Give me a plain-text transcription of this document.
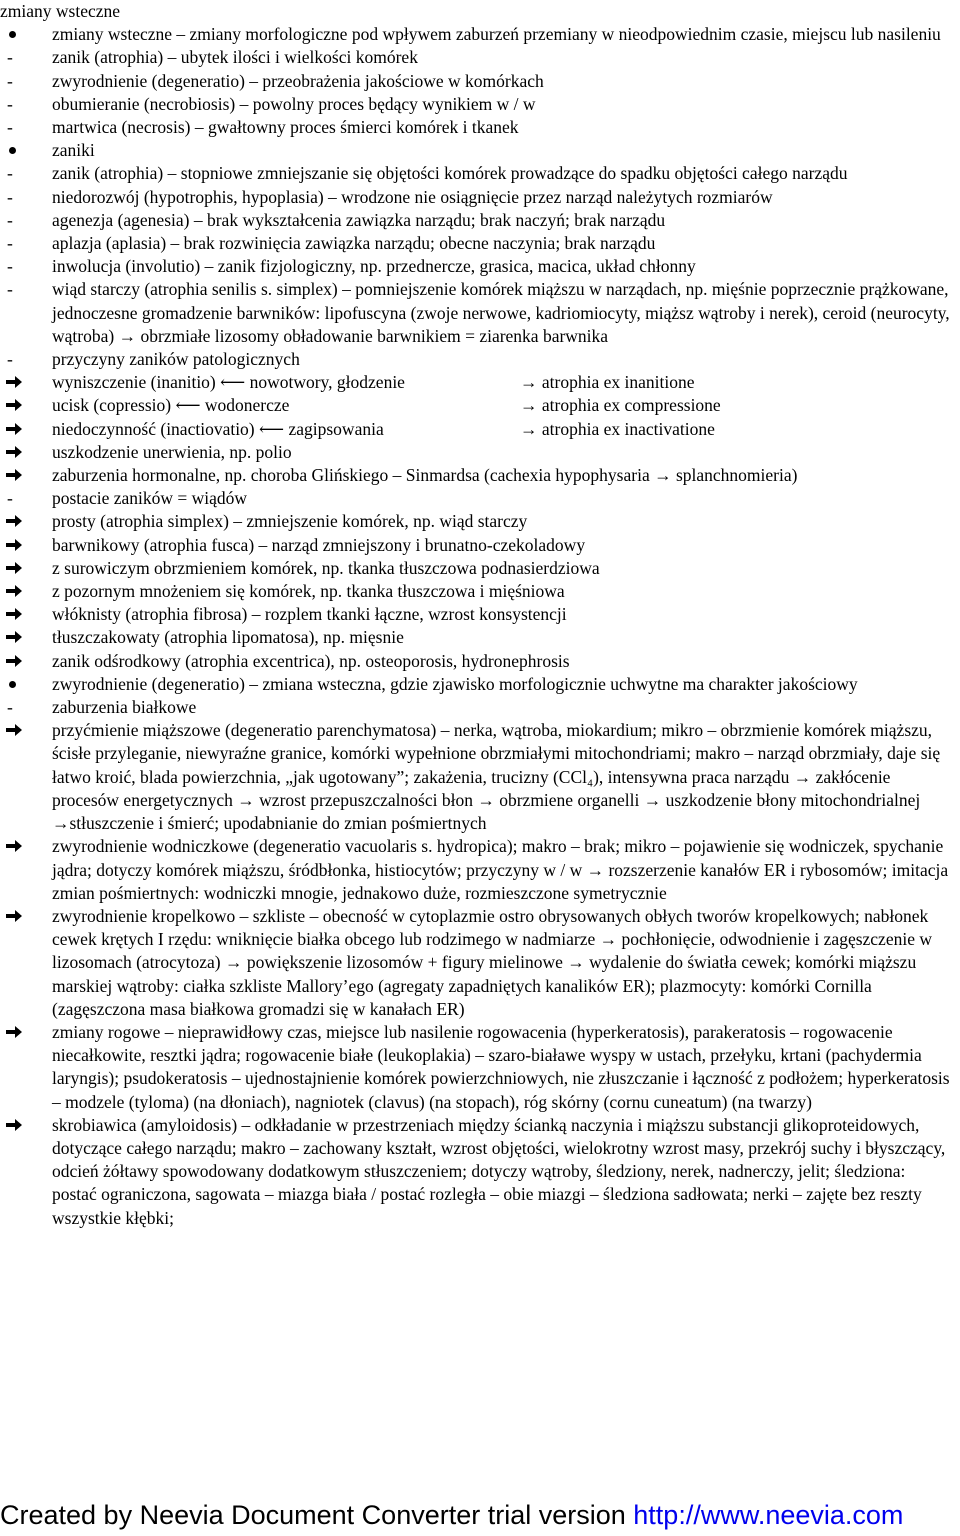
zmiany wsteczne
zmiany wsteczne – zmiany morfologiczne pod wpływem zaburzeń przemiany w nieodpowiednim czasie, miejscu lub nasileniu
-
zanik (atrophia) – ubytek ilości i wielkości komórek
-
zwyrodnienie (degeneratio) – przeobrażenia jakościowe w komórkach
-
obumieranie (necrobiosis) – powolny proces będący wynikiem w / w
-
martwica (necrosis) – gwałtowny proces śmierci komórek i tkanek
zaniki
-
zanik (atrophia) – stopniowe zmniejszanie się objętości komórek prowadzące do spadku objętości całego narządu
-
niedorozwój (hypotrophis, hypoplasia) – wrodzone nie osiągnięcie przez narząd należytych rozmiarów
-
agenezja (agenesia) – brak wykształcenia zawiązka narządu; brak naczyń; brak narządu
-
aplazja (aplasia) – brak rozwinięcia zawiązka narządu; obecne naczynia; brak narządu
-
inwolucja (involutio) – zanik fizjologiczny, np. przednercze, grasica, macica, układ chłonny
-
wiąd starczy (atrophia senilis s. simplex) – pomniejszenie komórek miąższu w narządach, np. mięśnie poprzecznie prążkowane, jednoczesne gromadzenie barwników: lipofuscyna (zwoje nerwowe, kadriomiocyty, miąższ wątroby i nerek), ceroid (neurocyty, wątroba) → obrzmiałe lizosomy obładowanie barwnikiem = ziarenka barwnika
-
przyczyny zaników patologicznych
wyniszczenie (inanitio) ⟵ nowotwory, głodzenie	→ atrophia ex inanitione
ucisk (copressio) ⟵ wodonercze	→ atrophia ex compressione
niedoczynność (inactiovatio) ⟵ zagipsowania	→ atrophia ex inactivatione
uszkodzenie unerwienia, np. polio
zaburzenia hormonalne, np. choroba Glińskiego – Sinmardsa (cachexia hypophysaria → splanchnomieria)
-
postacie zaników = wiądów
prosty (atrophia simplex) – zmniejszenie komórek, np. wiąd starczy
barwnikowy (atrophia fusca) – narząd zmniejszony i brunatno-czekoladowy
z surowiczym obrzmieniem komórek, np. tkanka tłuszczowa podnasierdziowa
z pozornym mnożeniem się komórek, np. tkanka tłuszczowa i mięśniowa
włóknisty (atrophia fibrosa) – rozplem tkanki łączne, wzrost konsystencji
tłuszczakowaty (atrophia lipomatosa), np. mięsnie
zanik odśrodkowy (atrophia excentrica), np. osteoporosis, hydronephrosis
zwyrodnienie (degeneratio) – zmiana wsteczna, gdzie zjawisko morfologicznie uchwytne ma charakter jakościowy
-
zaburzenia białkowe
przyćmienie miąższowe (degeneratio parenchymatosa) – nerka, wątroba, miokardium; mikro – obrzmienie komórek miąższu, ścisłe przyleganie, niewyraźne granice, komórki wypełnione obrzmiałymi mitochondriami; makro – narząd obrzmiały, daje się łatwo kroić, blada powierzchnia, „jak ugotowany”; zakażenia, trucizny (CCl₄), intensywna praca narządu → zakłócenie procesów energetycznych → wzrost przepuszczalności błon → obrzmiene organelli → uszkodzenie błony mitochondrialnej →stłuszczenie i śmierć; upodabnianie do zmian pośmiertnych
zwyrodnienie wodniczkowe (degeneratio vacuolaris s. hydropica); makro – brak; mikro – pojawienie się wodniczek, spychanie jądra; dotyczy komórek miąższu, śródbłonka, histiocytów; przyczyny w / w → rozszerzenie kanałów ER i rybosomów; imitacja zmian pośmiertnych: wodniczki mnogie, jednakowo duże, rozmieszczone symetrycznie
zwyrodnienie kropelkowo – szkliste – obecność w cytoplazmie ostro obrysowanych obłych tworów kropelkowych; nabłonek cewek krętych I rzędu: wniknięcie białka obcego lub rodzimego w nadmiarze → pochłonięcie, odwodnienie i zagęszczenie w lizosomach (atrocytoza) → powiększenie lizosomów + figury mielinowe → wydalenie do światła cewek; komórki miąższu marskiej wątroby: ciałka szkliste Mallory’ego (agregaty zapadniętych kanalików ER); plazmocyty: komórki Cornilla (zagęszczona masa białkowa gromadzi się w kanałach ER)
zmiany rogowe – nieprawidłowy czas, miejsce lub nasilenie rogowacenia (hyperkeratosis), parakeratosis – rogowacenie niecałkowite, resztki jądra; rogowacenie białe (leukoplakia) – szaro-białawe wyspy w ustach, przełyku, krtani (pachydermia laryngis); psudokeratosis – ujednostajnienie komórek powierzchniowych, nie złuszczanie i łączność z podłożem; hyperkeratosis – modzele (tyloma) (na dłoniach), nagniotek (clavus) (na stopach), róg skórny (cornu cuneatum) (na twarzy)
skrobiawica (amyloidosis) – odkładanie w przestrzeniach między ścianką naczynia i miąższu substancji glikoproteidowych, dotyczące całego narządu; makro – zachowany kształt, wzrost objętości, wielokrotny wzrost masy, przekrój suchy i błyszczący, odcień żółtawy spowodowany dodatkowym stłuszczeniem; dotyczy wątroby, śledziony, nerek, nadnerczy, jelit; śledziona: postać ograniczona, sagowata – miazga biała / postać rozległa – obie miazgi – śledziona sadłowata; nerki – zajęte bez reszty wszystkie kłębki;
Created by Neevia Document Converter trial version http://www.neevia.com
